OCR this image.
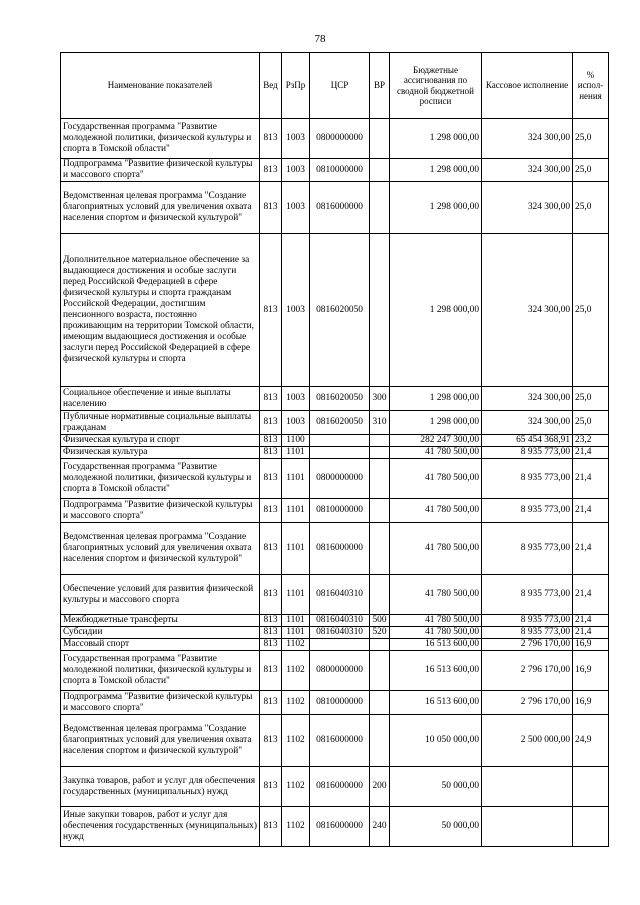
78
Наименование показателей	Вед	РзПр	ЦСР	ВР	Бюджетные ассигнования по сводной бюджетной росписи	Кассовое исполнение	% испол-нения
Государственная программа "Развитие молодежной политики, физической культуры и спорта в Томской области"	813	1003	0800000000		1 298 000,00	324 300,00	25,0
Подпрограмма "Развитие физической культуры и массового спорта"	813	1003	0810000000		1 298 000,00	324 300,00	25,0
Ведомственная целевая программа "Создание благоприятных условий для увеличения охвата населения спортом и физической культурой"	813	1003	0816000000		1 298 000,00	324 300,00	25,0
Дополнительное материальное обеспечение за выдающиеся достижения и особые заслуги перед Российской Федерацией в сфере физической культуры и спорта гражданам Российской Федерации, достигшим пенсионного возраста, постоянно проживающим на территории Томской области, имеющим выдающиеся достижения и особые заслуги перед Российской Федерацией в сфере физической культуры и спорта	813	1003	0816020050		1 298 000,00	324 300,00	25,0
Социальное обеспечение и иные выплаты населению	813	1003	0816020050	300	1 298 000,00	324 300,00	25,0
Публичные нормативные социальные выплаты гражданам	813	1003	0816020050	310	1 298 000,00	324 300,00	25,0
Физическая культура и спорт	813	1100			282 247 300,00	65 454 368,91	23,2
Физическая культура	813	1101			41 780 500,00	8 935 773,00	21,4
Государственная программа "Развитие молодежной политики, физической культуры и спорта в Томской области"	813	1101	0800000000		41 780 500,00	8 935 773,00	21,4
Подпрограмма "Развитие физической культуры и массового спорта"	813	1101	0810000000		41 780 500,00	8 935 773,00	21,4
Ведомственная целевая программа "Создание благоприятных условий для увеличения охвата населения спортом и физической культурой"	813	1101	0816000000		41 780 500,00	8 935 773,00	21,4
Обеспечение условий для развития физической культуры и массового спорта	813	1101	0816040310		41 780 500,00	8 935 773,00	21,4
Межбюджетные трансферты	813	1101	0816040310	500	41 780 500,00	8 935 773,00	21,4
Субсидии	813	1101	0816040310	520	41 780 500,00	8 935 773,00	21,4
Массовый спорт	813	1102			16 513 600,00	2 796 170,00	16,9
Государственная программа "Развитие молодежной политики, физической культуры и спорта в Томской области"	813	1102	0800000000		16 513 600,00	2 796 170,00	16,9
Подпрограмма "Развитие физической культуры и массового спорта"	813	1102	0810000000		16 513 600,00	2 796 170,00	16,9
Ведомственная целевая программа "Создание благоприятных условий для увеличения охвата населения спортом и физической культурой"	813	1102	0816000000		10 050 000,00	2 500 000,00	24,9
Закупка товаров, работ и услуг для обеспечения государственных (муниципальных) нужд	813	1102	0816000000	200	50 000,00		
Иные закупки товаров, работ и услуг для обеспечения государственных (муниципальных) нужд	813	1102	0816000000	240	50 000,00		
